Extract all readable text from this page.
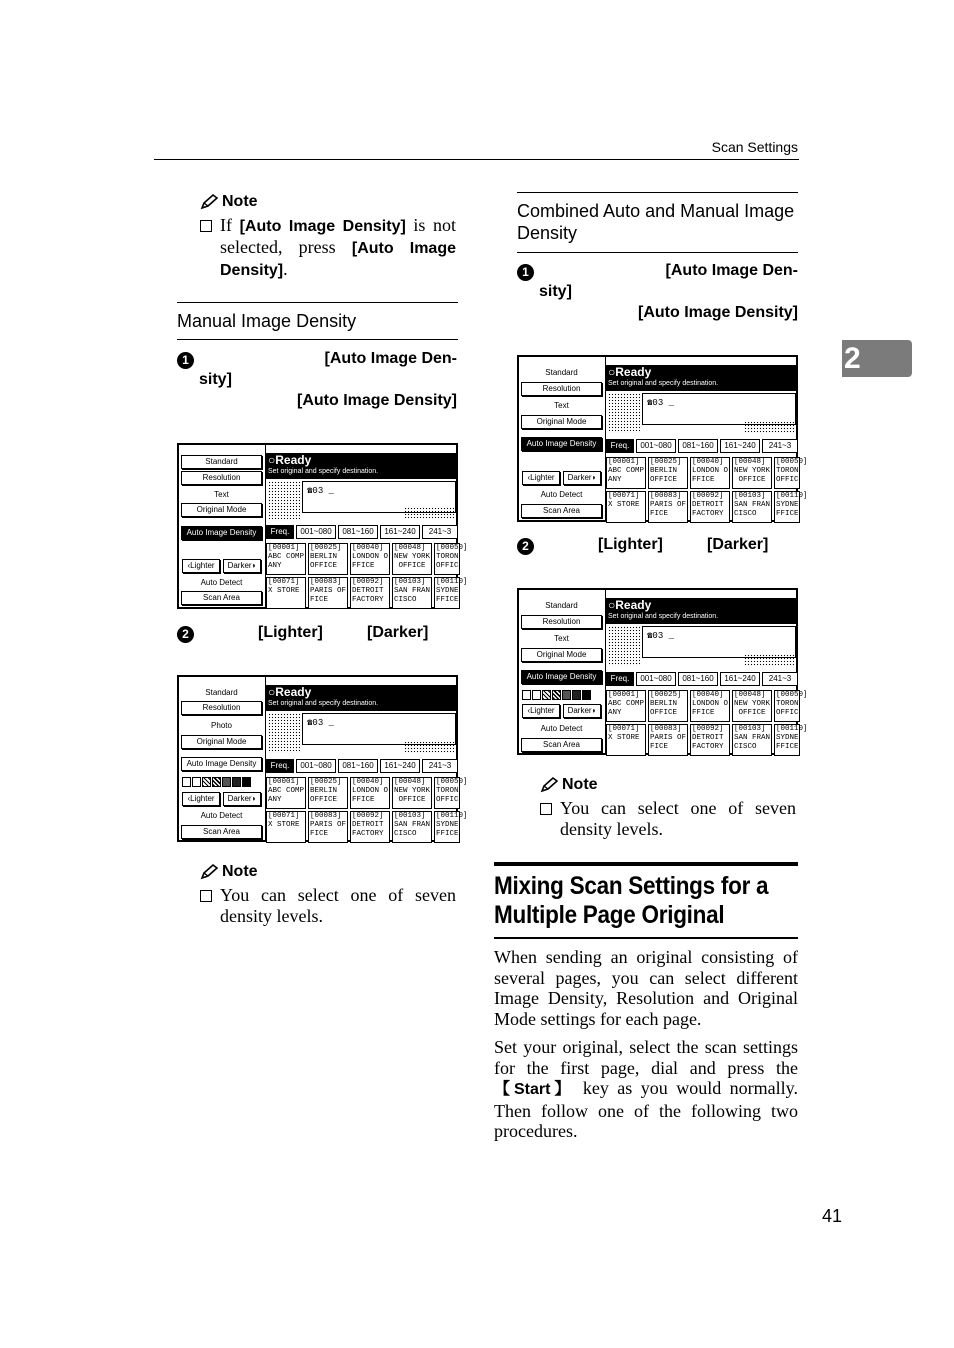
Scan Settings
2
Note
If [Auto Image Density] is not selected, press [Auto Image Density].
Manual Image Density
1	[Auto Image Den-
sity]
[Auto Image Density]
Standard
Resolution
Text
Original Mode
Auto Image Density
‹Lighter	Darker◗
Auto Detect
Scan Area
○Ready
Set original and specify destination.
☎03 _
Freq.	001~080	081~160	161~240	241~3
[00001]
ABC COMP
ANY
[00025]
BERLIN
OFFICE
[00040]
LONDON O
FFICE
[00048]
NEW YORK
OFFICE
[00050]
TORON
OFFIC
[00071]
X STORE
[00083]
PARIS OF
FICE
[00092]
DETROIT
FACTORY
[00103]
SAN FRAN
CISCO
[00110]
SYDNE
FFICE
2	[Lighter]	[Darker]
Standard
Resolution
Photo
Original Mode
Auto Image Density
‹Lighter	Darker◗
Auto Detect
Scan Area
○Ready
Set original and specify destination.
☎03 _
Freq.	001~080	081~160	161~240	241~3
[00001]
ABC COMP
ANY
[00025]
BERLIN
OFFICE
[00040]
LONDON O
FFICE
[00048]
NEW YORK
OFFICE
[00050]
TORON
OFFIC
[00071]
X STORE
[00083]
PARIS OF
FICE
[00092]
DETROIT
FACTORY
[00103]
SAN FRAN
CISCO
[00110]
SYDNE
FFICE
Note
You can select one of seven density levels.
Combined Auto and Manual Image Density
1	[Auto Image Den-
sity]
[Auto Image Density]
Standard
Resolution
Text
Original Mode
Auto Image Density
‹Lighter	Darker◗
Auto Detect
Scan Area
○Ready
Set original and specify destination.
☎03 _
Freq.	001~080	081~160	161~240	241~3
[00001]
ABC COMP
ANY
[00025]
BERLIN
OFFICE
[00040]
LONDON O
FFICE
[00048]
NEW YORK
OFFICE
[00050]
TORON
OFFIC
[00071]
X STORE
[00083]
PARIS OF
FICE
[00092]
DETROIT
FACTORY
[00103]
SAN FRAN
CISCO
[00110]
SYDNE
FFICE
2	[Lighter]	[Darker]
Standard
Resolution
Text
Original Mode
Auto Image Density
‹Lighter	Darker◗
Auto Detect
Scan Area
○Ready
Set original and specify destination.
☎03 _
Freq.	001~080	081~160	161~240	241~3
[00001]
ABC COMP
ANY
[00025]
BERLIN
OFFICE
[00040]
LONDON O
FFICE
[00048]
NEW YORK
OFFICE
[00050]
TORON
OFFIC
[00071]
X STORE
[00083]
PARIS OF
FICE
[00092]
DETROIT
FACTORY
[00103]
SAN FRAN
CISCO
[00110]
SYDNE
FFICE
Note
You can select one of seven density levels.
Mixing Scan Settings for a
Multiple Page Original
When sending an original consisting of several pages, you can select different Image Density, Resolution and Original Mode settings for each page.
Set your original, select the scan settings for the first page, dial and press the 【Start】 key as you would normally. Then follow one of the following two procedures.
41
